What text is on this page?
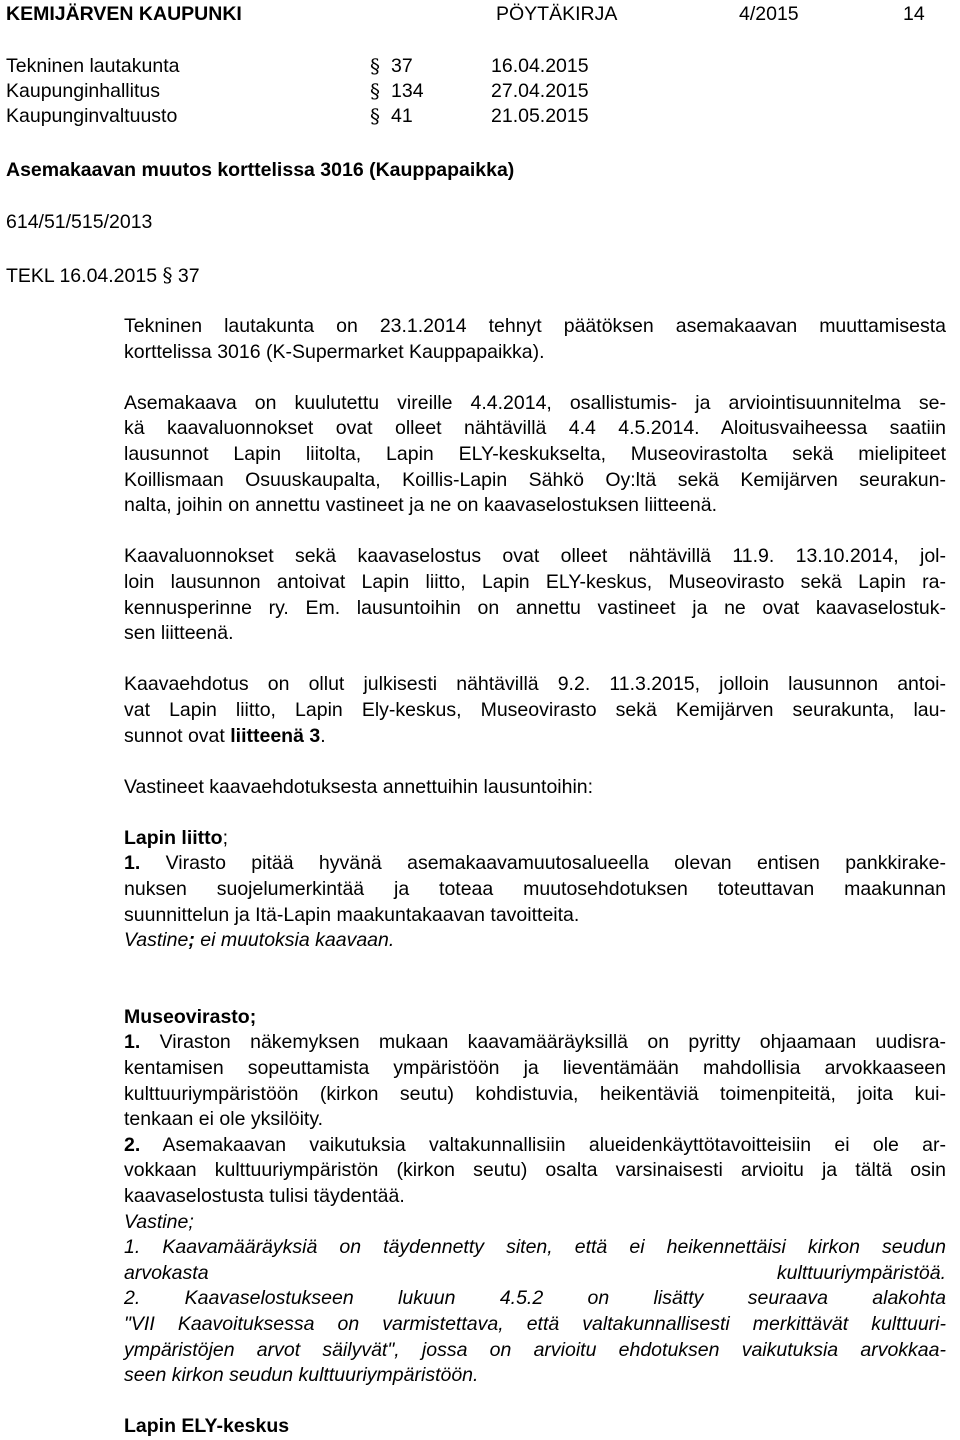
KEMIJÄRVEN KAUPUNKI	PÖYTÄKIRJA	4/2015	14
Tekninen lautakunta	§ 37	16.04.2015
Kaupunginhallitus	§ 134	27.04.2015
Kaupunginvaltuusto	§ 41	21.05.2015
Asemakaavan muutos korttelissa 3016 (Kauppapaikka)
614/51/515/2013
TEKL 16.04.2015 § 37

Tekninen lautakunta on 23.1.2014 tehnyt päätöksen asemakaavan muuttamisesta
korttelissa 3016 (K-Supermarket Kauppapaikka).

Asemakaava on kuulutettu vireille 4.4.2014, osallistumis- ja arviointisuunnitelma se-
kä kaavaluonnokset ovat olleet nähtävillä 4.4 4.5.2014. Aloitusvaiheessa saatiin
lausunnot Lapin liitolta, Lapin ELY-keskukselta, Museovirastolta sekä mielipiteet
Koillismaan Osuuskaupalta, Koillis-Lapin Sähkö Oy:ltä sekä Kemijärven seurakun-
nalta, joihin on annettu vastineet ja ne on kaavaselostuksen liitteenä.

Kaavaluonnokset sekä kaavaselostus ovat olleet nähtävillä 11.9. 13.10.2014, jol-
loin lausunnon antoivat Lapin liitto, Lapin ELY-keskus, Museovirasto sekä Lapin ra-
kennusperinne ry. Em. lausuntoihin on annettu vastineet ja ne ovat kaavaselostuk-
sen liitteenä.

Kaavaehdotus on ollut julkisesti nähtävillä 9.2. 11.3.2015, jolloin lausunnon antoi-
vat Lapin liitto, Lapin Ely-keskus, Museovirasto sekä Kemijärven seurakunta, lau-
sunnot ovat liitteenä 3.

Vastineet kaavaehdotuksesta annettuihin lausuntoihin:

Lapin liitto;

1. Virasto pitää hyvänä asemakaavamuutosalueella olevan entisen pankkirake-
nuksen suojelumerkintää ja toteaa muutosehdotuksen toteuttavan maakunnan
suunnittelun ja Itä-Lapin maakuntakaavan tavoitteita.

Vastine; ei muutoksia kaavaan.
Museovirasto;

1. Viraston näkemyksen mukaan kaavamääräyksillä on pyritty ohjaamaan uudisra-
kentamisen sopeuttamista ympäristöön ja lieventämään mahdollisia arvokkaaseen
kulttuuriympäristöön (kirkon seutu) kohdistuvia, heikentäviä toimenpiteitä, joita kui-
tenkaan ei ole yksilöity.

2. Asemakaavan vaikutuksia valtakunnallisiin alueidenkäyttötavoitteisiin ei ole ar-
vokkaan kulttuuriympäristön (kirkon seutu) osalta varsinaisesti arvioitu ja tältä osin
kaavaselostusta tulisi täydentää.

Vastine;
1. Kaavamääräyksiä on täydennetty siten, että ei heikennettäisi kirkon seudun
arvokasta kulttuuriympäristöä.
2. Kaavaselostukseen lukuun 4.5.2 on lisätty seuraava alakohta
"VII Kaavoituksessa on varmistettava, että valtakunnallisesti merkittävät kulttuuri-
ympäristöjen arvot säilyvät", jossa on arvioitu ehdotuksen vaikutuksia arvokkaa-
seen kirkon seudun kulttuuriympäristöön.

Lapin ELY-keskus
